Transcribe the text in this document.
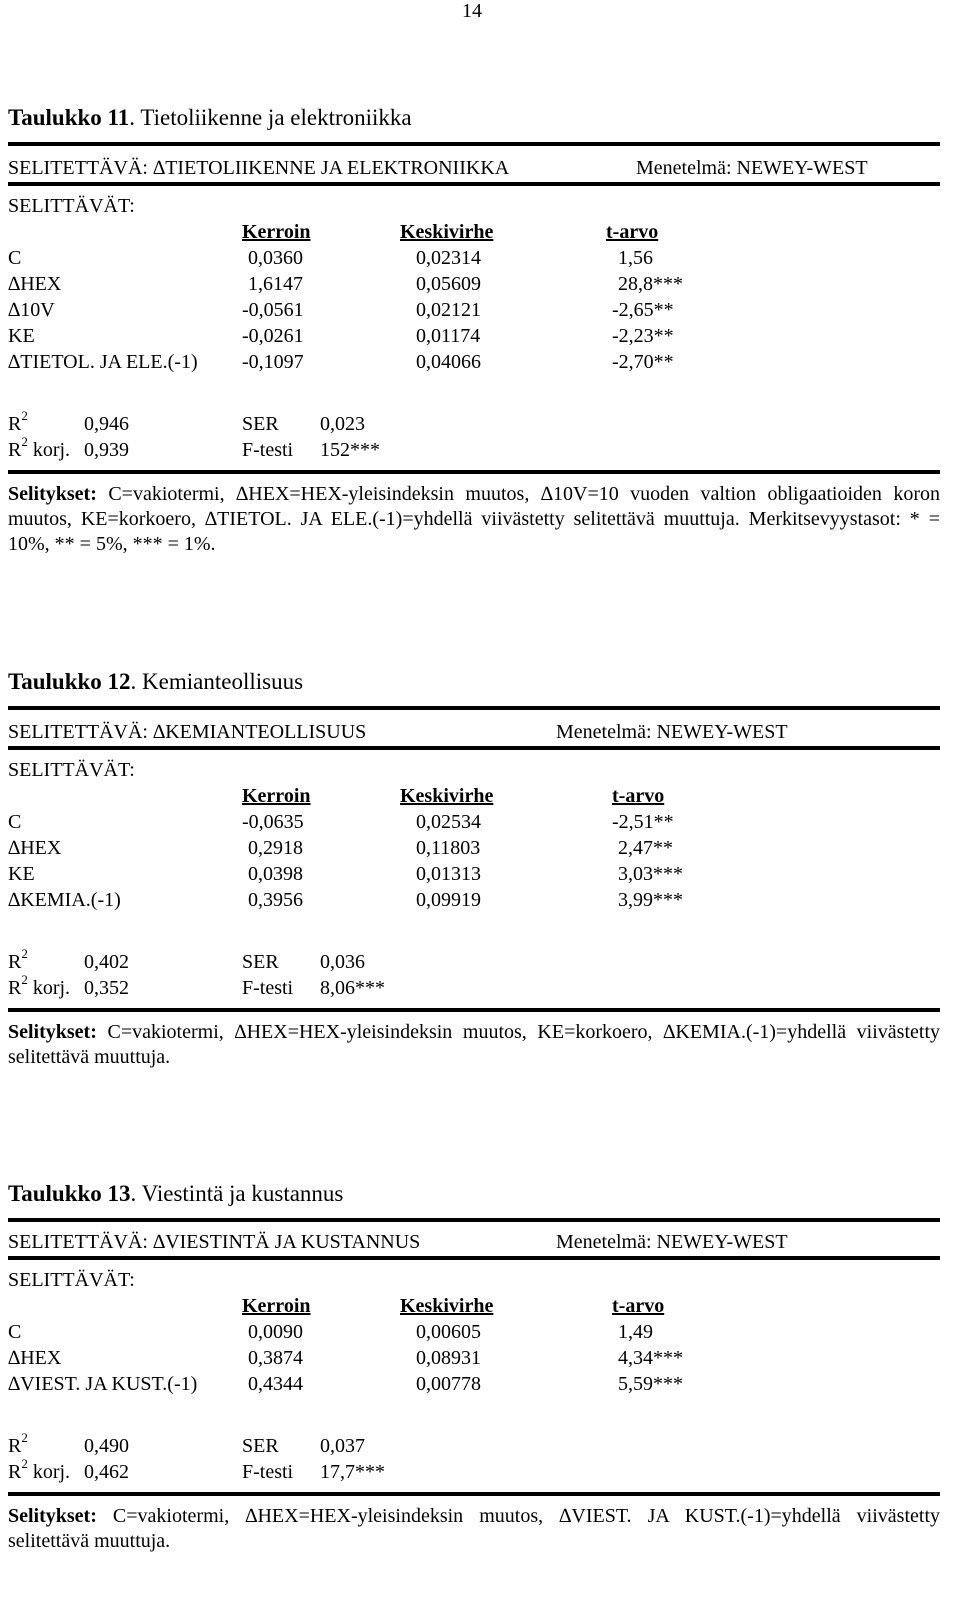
14
Taulukko 11. Tietoliikenne ja elektroniikka
SELITETTÄVÄ: ∆TIETOLIIKENNE JA ELEKTRONIIKKA	Menetelmä: NEWEY-WEST
SELITTÄVÄT:
Kerroin	Keskivirhe	t-arvo
C	0,0360	0,02314	1,56
∆HEX	1,6147	0,05609	28,8***
∆10V	-0,0561	0,02121	-2,65**
KE	-0,0261	0,01174	-2,23**
∆TIETOL. JA ELE.(-1) -0,1097	0,04066	-2,70**
$R^2$	0,946	SER 0,023
$R^2$ korj. 0,939	F-testi 152***
Selitykset: C=vakiotermi, ∆HEX=HEX-yleisindeksin muutos, ∆10V=10 vuoden valtion obligaatioiden koron muutos, KE=korkoero, ∆TIETOL. JA ELE.(-1)=yhdellä viivästetty selitettävä muuttuja. Merkitsevyystasot: * = 10%, ** = 5%, *** = 1%.
Taulukko 12. Kemianteollisuus
SELITETTÄVÄ: ∆KEMIANTEOLLISUUS	Menetelmä: NEWEY-WEST
SELITTÄVÄT:
Kerroin	Keskivirhe	t-arvo
C	-0,0635	0,02534	-2,51**
∆HEX	0,2918	0,11803	2,47**
KE	0,0398	0,01313	3,03***
∆KEMIA.(-1)	0,3956	0,09919	3,99***
$R^2$	0,402	SER 0,036
$R^2$ korj. 0,352	F-testi 8,06***
Selitykset: C=vakiotermi, ∆HEX=HEX-yleisindeksin muutos, KE=korkoero, ∆KEMIA.(-1)=yhdellä viivästetty selitettävä muuttuja.
Taulukko 13. Viestintä ja kustannus
SELITETTÄVÄ: ∆VIESTINTÄ JA KUSTANNUS	Menetelmä: NEWEY-WEST
SELITTÄVÄT:
Kerroin	Keskivirhe	t-arvo
C	0,0090	0,00605	1,49
∆HEX	0,3874	0,08931	4,34***
∆VIEST. JA KUST.(-1)	0,4344	0,00778	5,59***
$R^2$	0,490	SER 0,037
$R^2$ korj. 0,462	F-testi 17,7***
Selitykset: C=vakiotermi, ∆HEX=HEX-yleisindeksin muutos, ∆VIEST. JA KUST.(-1)=yhdellä viivästetty selitettävä muuttuja.
